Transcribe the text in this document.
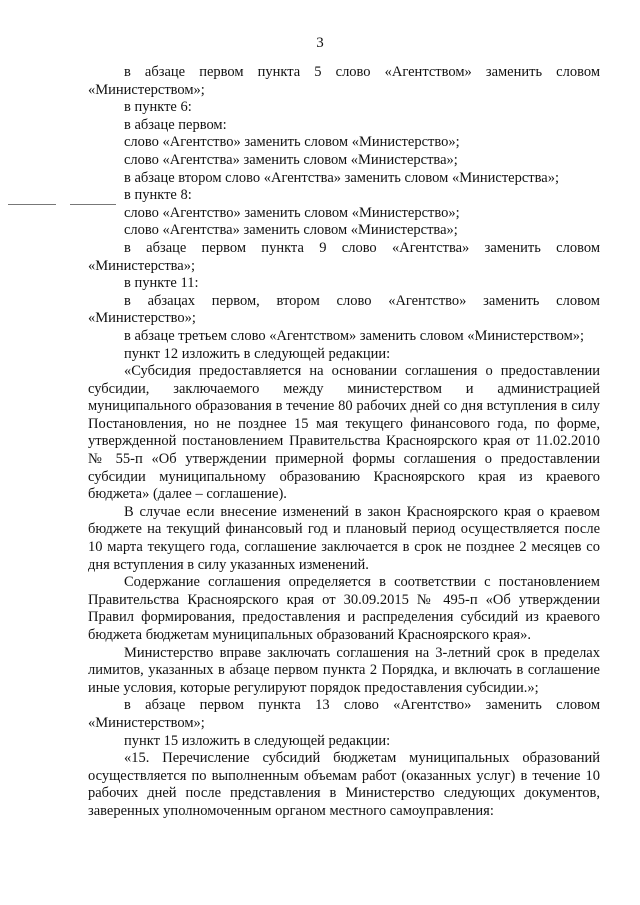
3

в абзаце первом пункта 5 слово «Агентством» заменить словом «Министерством»;

в пункте 6:

в абзаце первом:

слово «Агентство» заменить словом «Министерство»;

слово «Агентства» заменить словом «Министерства»;

в абзаце втором слово «Агентства» заменить словом «Министерства»;

в пункте 8:

слово «Агентство» заменить словом «Министерство»;

слово «Агентства» заменить словом «Министерства»;

в абзаце первом пункта 9 слово «Агентства» заменить словом «Министерства»;

в пункте 11:

в абзацах первом, втором слово «Агентство» заменить словом «Министерство»;

в абзаце третьем слово «Агентством» заменить словом «Министерством»;

пункт 12 изложить в следующей редакции:

«Субсидия предоставляется на основании соглашения о предоставлении субсидии, заключаемого между министерством и администрацией муниципального образования в течение 80 рабочих дней со дня вступления в силу Постановления, но не позднее 15 мая текущего финансового года, по форме, утвержденной постановлением Правительства Красноярского края от 11.02.2010 № 55-п «Об утверждении примерной формы соглашения о предоставлении субсидии муниципальному образованию Красноярского края из краевого бюджета» (далее – соглашение).

В случае если внесение изменений в закон Красноярского края о краевом бюджете на текущий финансовый год и плановый период осуществляется после 10 марта текущего года, соглашение заключается в срок не позднее 2 месяцев со дня вступления в силу указанных изменений.

Содержание соглашения определяется в соответствии с постановлением Правительства Красноярского края от 30.09.2015 № 495-п «Об утверждении Правил формирования, предоставления и распределения субсидий из краевого бюджета бюджетам муниципальных образований Красноярского края».

Министерство вправе заключать соглашения на 3-летний срок в пределах лимитов, указанных в абзаце первом пункта 2 Порядка, и включать в соглашение иные условия, которые регулируют порядок предоставления субсидии.»;

в абзаце первом пункта 13 слово «Агентство» заменить словом «Министерством»;

пункт 15 изложить в следующей редакции:

«15. Перечисление субсидий бюджетам муниципальных образований осуществляется по выполненным объемам работ (оказанных услуг) в течение 10 рабочих дней после представления в Министерство следующих документов, заверенных уполномоченным органом местного самоуправления:
